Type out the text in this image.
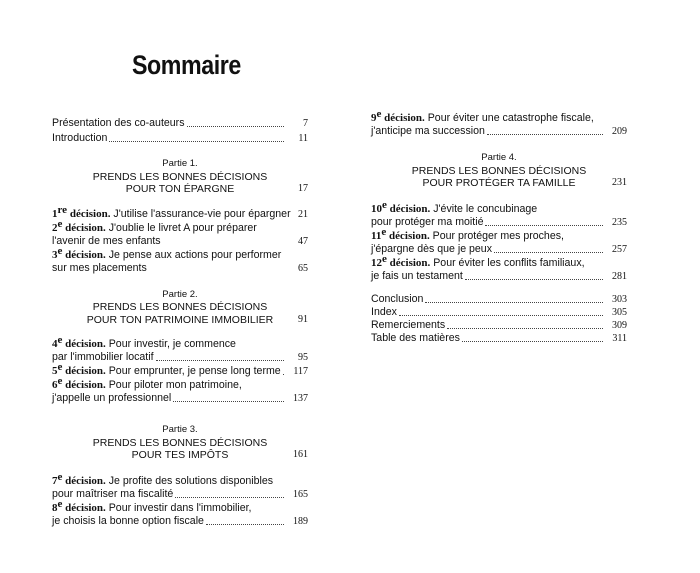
Sommaire
Présentation des co-auteurs	7
Introduction	11
Partie 1.
PRENDS LES BONNES DÉCISIONS
POUR TON ÉPARGNE	17
1re décision. J'utilise l'assurance-vie pour épargner 21
2e décision. J'oublie le livret A pour préparer
l'avenir de mes enfants	47
3e décision. Je pense aux actions pour performer
sur mes placements	65
Partie 2.
PRENDS LES BONNES DÉCISIONS
POUR TON PATRIMOINE IMMOBILIER	91
4e décision. Pour investir, je commence
par l'immobilier locatif	95
5e décision. Pour emprunter, je pense long terme	117
6e décision. Pour piloter mon patrimoine,
j'appelle un professionnel	137
Partie 3.
PRENDS LES BONNES DÉCISIONS
POUR TES IMPÔTS	161
7e décision. Je profite des solutions disponibles
pour maîtriser ma fiscalité	165
8e décision. Pour investir dans l'immobilier,
je choisis la bonne option fiscale	189
9e décision. Pour éviter une catastrophe fiscale,
j'anticipe ma succession	209
Partie 4.
PRENDS LES BONNES DÉCISIONS
POUR PROTÉGER TA FAMILLE	231
10e décision. J'évite le concubinage
pour protéger ma moitié	235
11e décision. Pour protéger mes proches,
j'épargne dès que je peux	257
12e décision. Pour éviter les conflits familiaux,
je fais un testament	281
Conclusion	303
Index	305
Remerciements	309
Table des matières	311
